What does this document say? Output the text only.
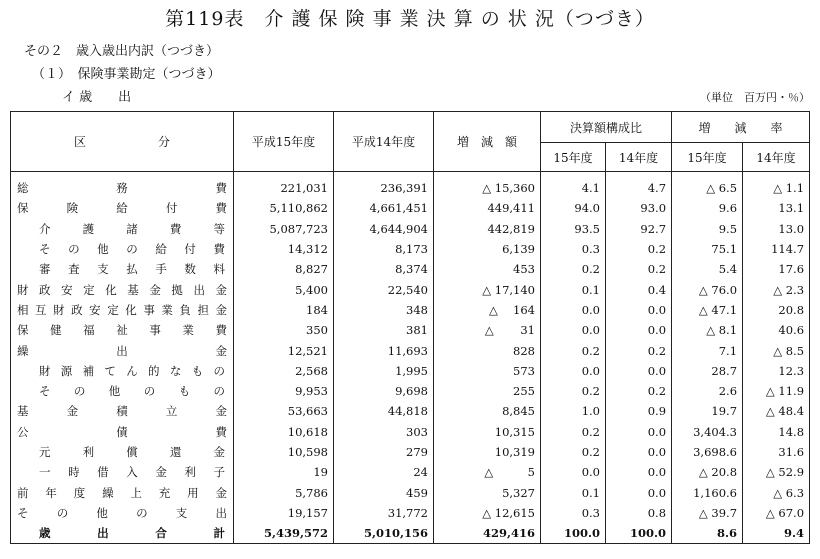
第119表　介 護 保 険 事 業 決 算 の 状 況（つづき）
その２　歳入歳出内訳（つづき）
（１）　保険事業勘定（つづき）
イ 歳　　出	（単位　百万円・％）
区　　　　　　分	平成15年度	平成14年度	増　減　額	決算額構成比		増　　減　　率	
				15年度	14年度	15年度	14年度
総務費	221,031	236,391	△ 15,360	4.1	4.7	△ 6.5	△ 1.1
保険給付費	5,110,862	4,661,451	449,411	94.0	93.0	9.6	13.1
介護諸費等	5,087,723	4,644,904	442,819	93.5	92.7	9.5	13.0
その他の給付費	14,312	8,173	6,139	0.3	0.2	75.1	114.7
審査支払手数料	8,827	8,374	453	0.2	0.2	5.4	17.6
財政安定化基金拠出金	5,400	22,540	△ 17,140	0.1	0.4	△ 76.0	△ 2.3
相互財政安定化事業負担金	184	348	△　 164	0.0	0.0	△ 47.1	20.8
保健福祉事業費	350	381	△　　 31	0.0	0.0	△ 8.1	40.6
繰出金	12,521	11,693	828	0.2	0.2	7.1	△ 8.5
財源補てん的なもの	2,568	1,995	573	0.0	0.0	28.7	12.3
その他のもの	9,953	9,698	255	0.2	0.2	2.6	△ 11.9
基金積立金	53,663	44,818	8,845	1.0	0.9	19.7	△ 48.4
公債費	10,618	303	10,315	0.2	0.0	3,404.3	14.8
元利償還金	10,598	279	10,319	0.2	0.0	3,698.6	31.6
一時借入金利子	19	24	△　　　5	0.0	0.0	△ 20.8	△ 52.9
前年度繰上充用金	5,786	459	5,327	0.1	0.0	1,160.6	△ 6.3
その他の支出	19,157	31,772	△ 12,615	0.3	0.8	△ 39.7	△ 67.0
歳出合計	5,439,572	5,010,156	429,416	100.0	100.0	8.6	9.4
